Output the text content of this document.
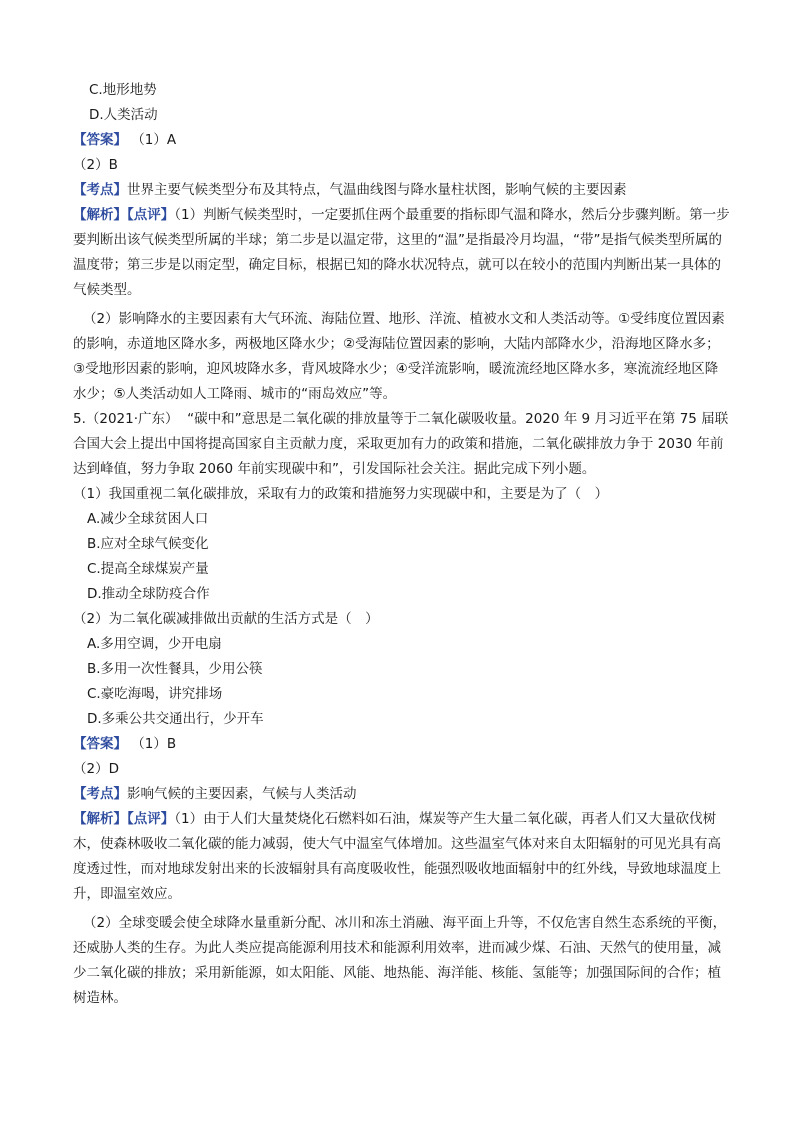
C.地形地势

D.人类活动

【答案】 （1）A

（2）B

【考点】世界主要气候类型分布及其特点，气温曲线图与降水量柱状图，影响气候的主要因素

【解析】【点评】（1）判断气候类型时，一定要抓住两个最重要的指标即气温和降水，然后分步骤判断。第一步要判断出该气候类型所属的半球；第二步是以温定带，这里的“温”是指最冷月均温，“带”是指气候类型所属的温度带；第三步是以雨定型，确定目标，根据已知的降水状况特点，就可以在较小的范围内判断出某一具体的气候类型。

（2）影响降水的主要因素有大气环流、海陆位置、地形、洋流、植被水文和人类活动等。①受纬度位置因素的影响，赤道地区降水多，两极地区降水少；②受海陆位置因素的影响，大陆内部降水少，沿海地区降水多；③受地形因素的影响，迎风坡降水多，背风坡降水少；④受洋流影响，暖流流经地区降水多，寒流流经地区降水少；⑤人类活动如人工降雨、城市的“雨岛效应”等。

5.（2021·广东） “碳中和”意思是二氧化碳的排放量等于二氧化碳吸收量。2020 年 9 月习近平在第 75 届联合国大会上提出中国将提高国家自主贡献力度，采取更加有力的政策和措施，二氧化碳排放力争于 2030 年前达到峰值，努力争取 2060 年前实现碳中和”，引发国际社会关注。据此完成下列小题。

（1）我国重视二氧化碳排放，采取有力的政策和措施努力实现碳中和，主要是为了（　）

A.减少全球贫困人口

B.应对全球气候变化

C.提高全球煤炭产量

D.推动全球防疫合作

（2）为二氧化碳减排做出贡献的生活方式是（　）

A.多用空调，少开电扇

B.多用一次性餐具，少用公筷

C.豪吃海喝，讲究排场

D.多乘公共交通出行，少开车

【答案】 （1）B

（2）D

【考点】影响气候的主要因素，气候与人类活动

【解析】【点评】（1）由于人们大量焚烧化石燃料如石油，煤炭等产生大量二氧化碳，再者人们又大量砍伐树木，使森林吸收二氧化碳的能力减弱，使大气中温室气体增加。这些温室气体对来自太阳辐射的可见光具有高度透过性，而对地球发射出来的长波辐射具有高度吸收性，能强烈吸收地面辐射中的红外线，导致地球温度上升，即温室效应。

（2）全球变暖会使全球降水量重新分配、冰川和冻土消融、海平面上升等，不仅危害自然生态系统的平衡，还威胁人类的生存。为此人类应提高能源利用技术和能源利用效率，进而减少煤、石油、天然气的使用量，减少二氧化碳的排放；采用新能源，如太阳能、风能、地热能、海洋能、核能、氢能等；加强国际间的合作；植树造林。
